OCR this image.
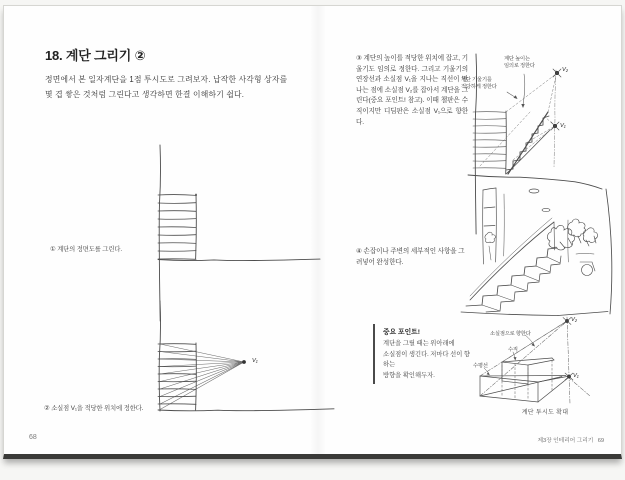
18. 계단 그리기 ②
정면에서 본 일자계단을 1점 투시도로 그려보자. 납작한 사각형 상자를
몇 겹 쌓은 것처럼 그린다고 생각하면 한결 이해하기 쉽다.
① 계단의 정면도를 그린다.
V₁
② 소실점 V₁을 적당한 위치에 정한다.
68
③ 계단의 높이를 적당한 위치에 잡고, 기울기도 임의로 정한다. 그리고 기울기의 연장선과 소실점 V₁을 지나는 직선이 만나는 점에 소실점 V₂를 잡아서 계단을 그린다(중요 포인트! 참고). 이때 챌판은 수직이지만 디딤판은 소실점 V₁으로 향한다.
계단 높이는
임의로 정한다
계단 기울기를
적당하게 정한다
V₂
V₁
④ 손잡이나 주변의 세부적인 사항을 그려넣어 완성한다.
중요 포인트!
계단을 그릴 때는 위아래에
소실점이 생긴다. 저마다 선이 향하는
방향을 확인해두자.
소실점으로 향한다
수직
수평선
V₂
V₁
계단 투시도 확대
제3장 인테리어 그리기 69
